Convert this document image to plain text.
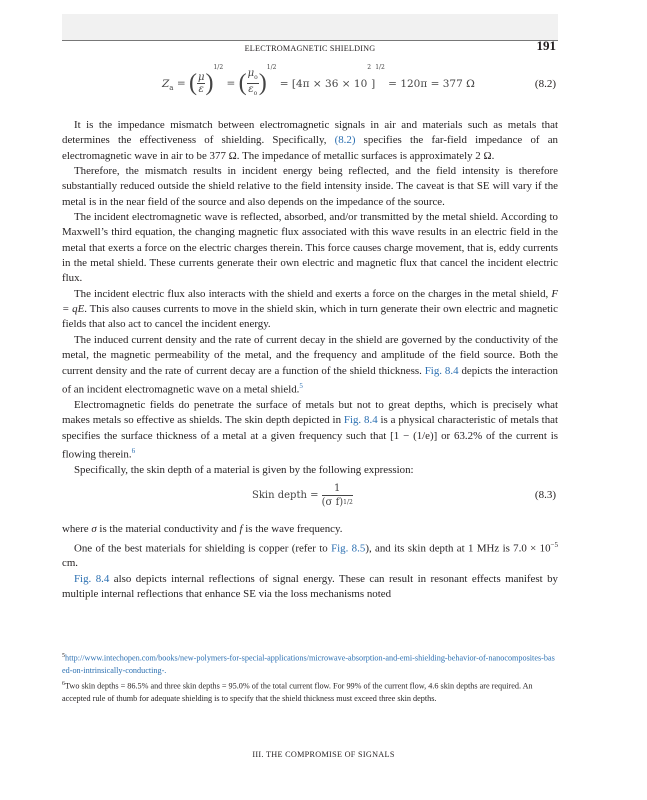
ELECTROMAGNETIC SHIELDING	191
$Z_a$ = ( $\frac{\mu}{\varepsilon} )^{1/2}$ = ( $\frac{\mu_o}{\varepsilon_o} )^{1/2} = [4\pi \times 36 \times 10^2]^{1/2} = 120\pi = 377$ Ω	(8.2)

It is the impedance mismatch between electromagnetic signals in air and materials such as metals that determines the effectiveness of shielding. Specifically, (8.2) specifies the far-field impedance of an electromagnetic wave in air to be 377 Ω. The impedance of metallic surfaces is approximately 2 Ω.

Therefore, the mismatch results in incident energy being reflected, and the field intensity is therefore substantially reduced outside the shield relative to the field intensity inside. The caveat is that SE will vary if the metal is in the near field of the source and also depends on the impedance of the source.

The incident electromagnetic wave is reflected, absorbed, and/or transmitted by the metal shield. According to Maxwell’s third equation, the changing magnetic flux associated with this wave results in an electric field in the metal that exerts a force on the electric charges therein. This force causes charge movement, that is, eddy currents in the metal shield. These currents generate their own electric and magnetic flux that cancel the incident electric flux.

The incident electric flux also interacts with the shield and exerts a force on the charges in the metal shield, F = qE. This also causes currents to move in the shield skin, which in turn generate their own electric and magnetic fields that also act to cancel the incident energy.

The induced current density and the rate of current decay in the shield are governed by the conductivity of the metal, the magnetic permeability of the metal, and the frequency and amplitude of the field source. Both the current density and the rate of current decay are a function of the shield thickness. Fig. 8.4 depicts the interaction of an incident electromagnetic wave on a metal shield.$^5$

Electromagnetic fields do penetrate the surface of metals but not to great depths, which is precisely what makes metals so effective as shields. The skin depth depicted in Fig. 8.4 is a physical characteristic of metals that specifies the surface thickness of a metal at a given frequency such that [1 − (1/e)] or 63.2% of the current is flowing therein.$^6$

Specifically, the skin depth of a material is given by the following expression:

Skin depth = $\frac{1}{(\sigma f)^{1/2}}$	(8.3)

where σ is the material conductivity and f is the wave frequency.

One of the best materials for shielding is copper (refer to Fig. 8.5), and its skin depth at 1 MHz is $7.0 \times 10^{-5}$ cm.

Fig. 8.4 also depicts internal reflections of signal energy. These can result in resonant effects manifest by multiple internal reflections that enhance SE via the loss mechanisms noted

$^5$http://www.intechopen.com/books/new-polymers-for-special-applications/microwave-absorption-and-emi-shielding-behavior-of-nanocomposites-based-on-intrinsically-conducting-.

$^6$Two skin depths = 86.5% and three skin depths = 95.0% of the total current flow. For 99% of the current flow, 4.6 skin depths are required. An accepted rule of thumb for adequate shielding is to specify that the shield thickness must exceed three skin depths.

III. THE COMPROMISE OF SIGNALS
